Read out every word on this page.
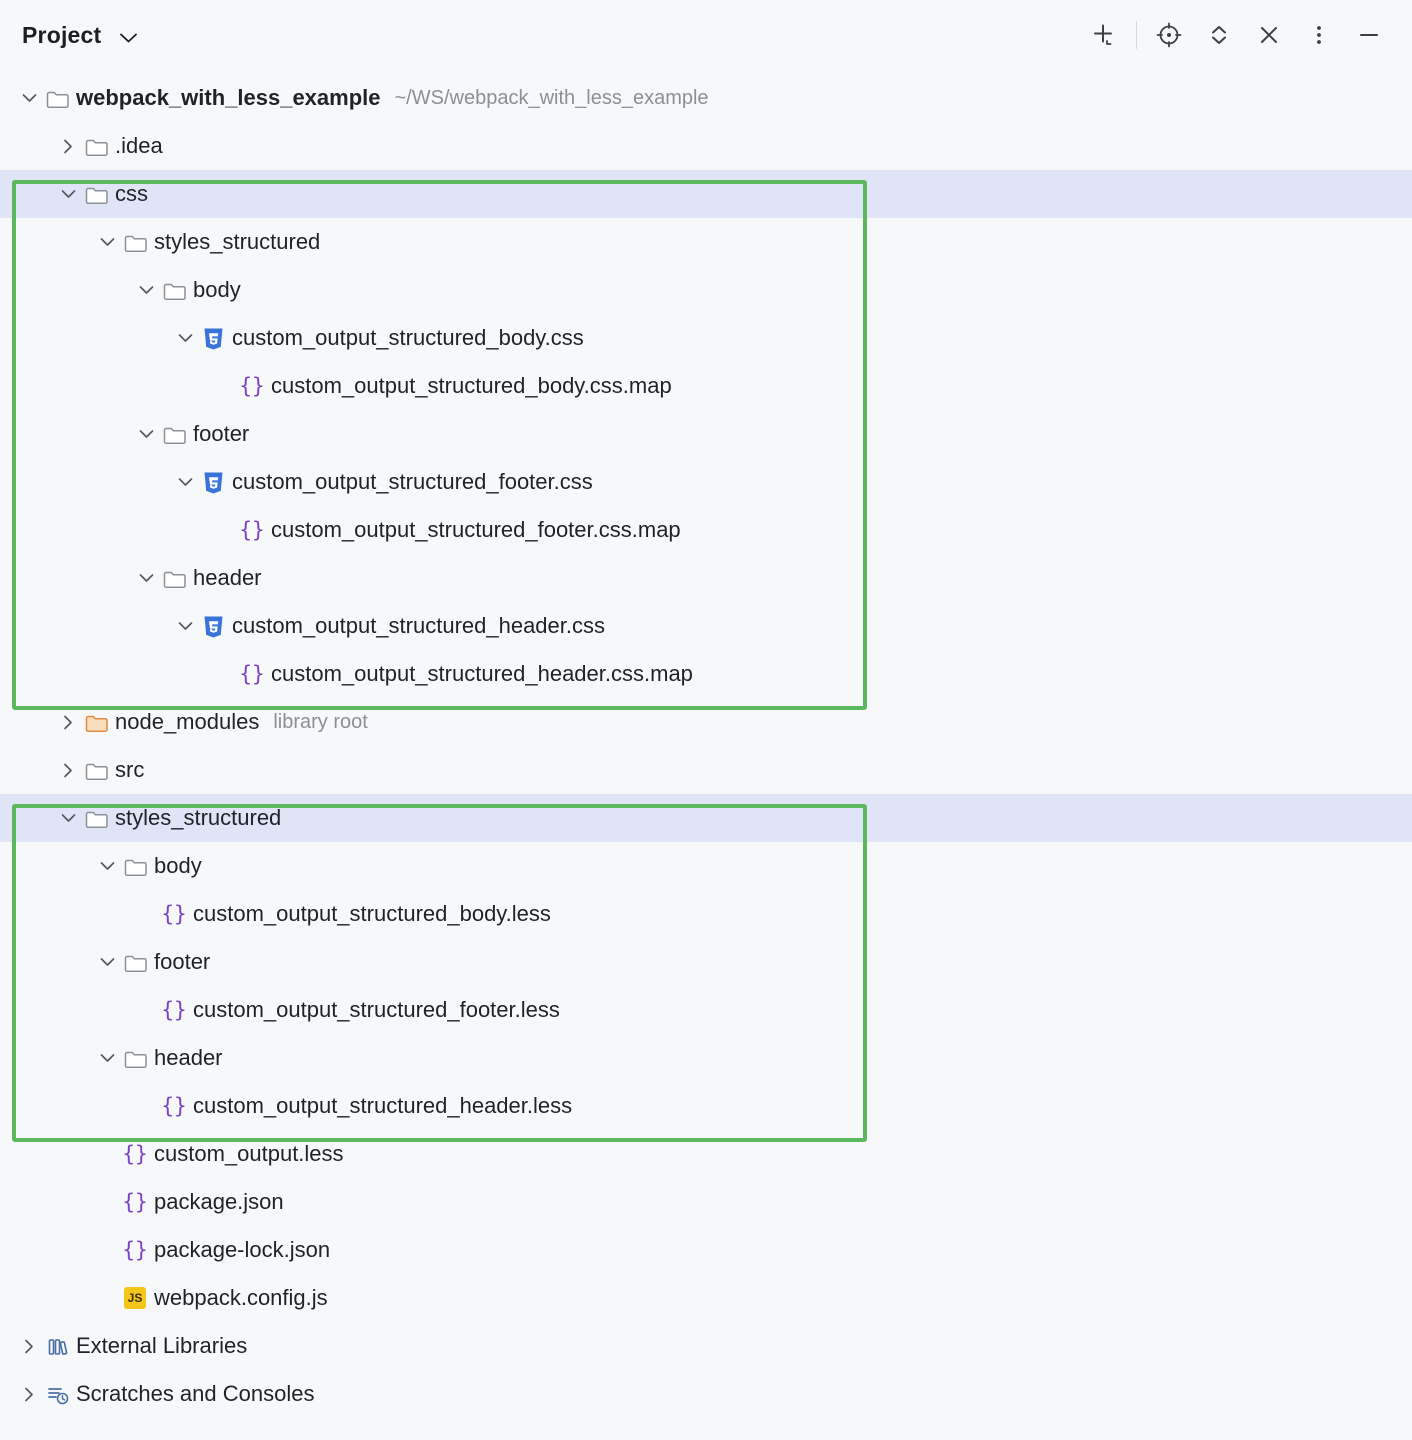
Project
webpack_with_less_example ~/WS/webpack_with_less_example
.idea
css
styles_structured
body
custom_output_structured_body.css
{} custom_output_structured_body.css.map
footer
custom_output_structured_footer.css
{} custom_output_structured_footer.css.map
header
custom_output_structured_header.css
{} custom_output_structured_header.css.map
node_modules library root
src
styles_structured
body
{} custom_output_structured_body.less
footer
{} custom_output_structured_footer.less
header
{} custom_output_structured_header.less
{} custom_output.less
{} package.json
{} package-lock.json
JS webpack.config.js
External Libraries
Scratches and Consoles
